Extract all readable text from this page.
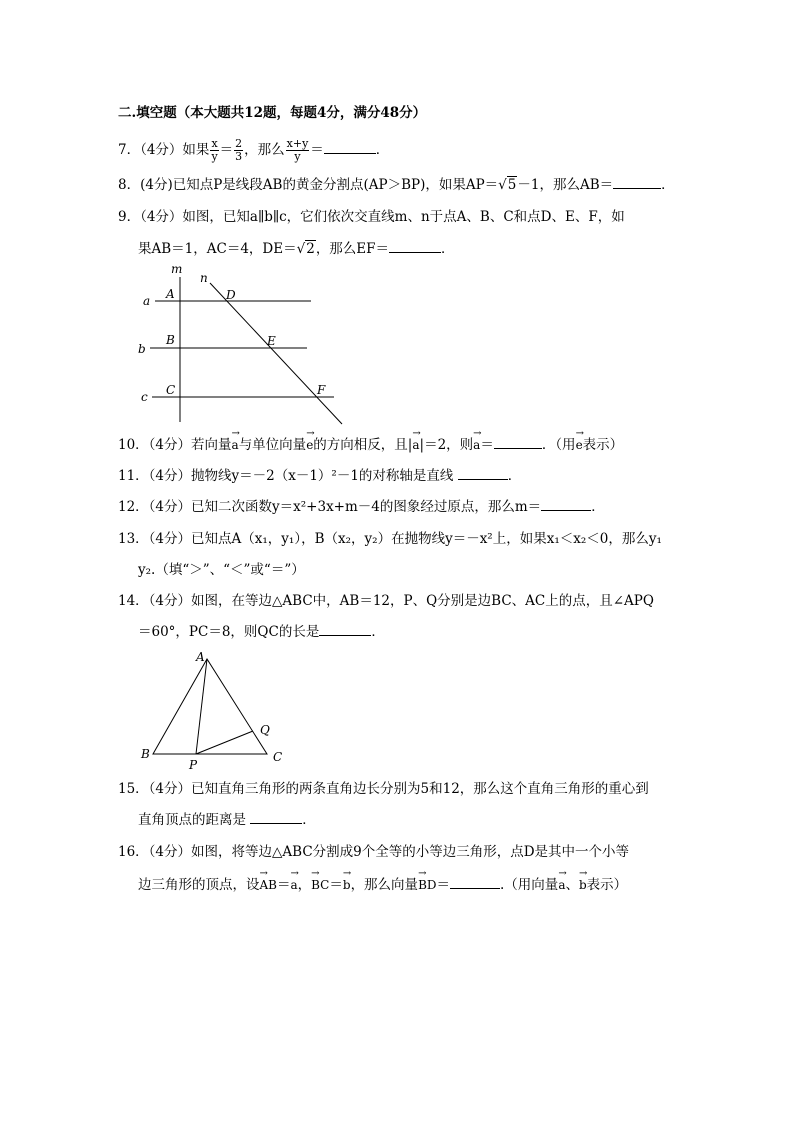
二.填空题（本大题共12题，每题4分，满分48分）
7．（4分）如果 $\frac{x}{y} = \frac{2}{3}$ ，那么 $\frac{x+y}{y}$ ＝	．
8．(4分)已知点P是线段AB的黄金分割点(AP＞BP)，如果AP＝√5－1，那么AB＝	．
9．（4分）如图，已知a∥b∥c，它们依次交直线m、n于点A、B、C和点D、E、F，如
果AB＝1，AC＝4，DE＝√2，那么EF＝	．
m
n
a
b
c
A
B
C
D
E
F
10．（4分）若向量→ a与单位向量→ e的方向相反，且|→ a|＝2，则→ a＝	．（用→ e表示）
11．（4分）抛物线y＝－2（x－1）²－1的对称轴是直线	．
12．（4分）已知二次函数y＝x²+3x+m－4的图象经过原点，那么m＝	．
13．（4分）已知点A（x₁，y₁），B（x₂，y₂）在抛物线y＝－x²上，如果x₁＜x₂＜0，那么y₁
y₂.（填“＞”、“＜”或“＝”）
14．（4分）如图，在等边△ABC中，AB＝12，P、Q分别是边BC、AC上的点，且∠APQ
＝60°，PC＝8，则QC的长是	．
A
B	C
P
Q
15．（4分）已知直角三角形的两条直角边长分别为5和12，那么这个直角三角形的重心到
直角顶点的距离是	．
16．（4分）如图，将等边△ABC分割成9个全等的小等边三角形，点D是其中一个小等
边三角形的顶点，设→ AB＝→ a，→ BC＝→ b，那么向量→ BD＝	.（用向量→ a、→ b表示）
